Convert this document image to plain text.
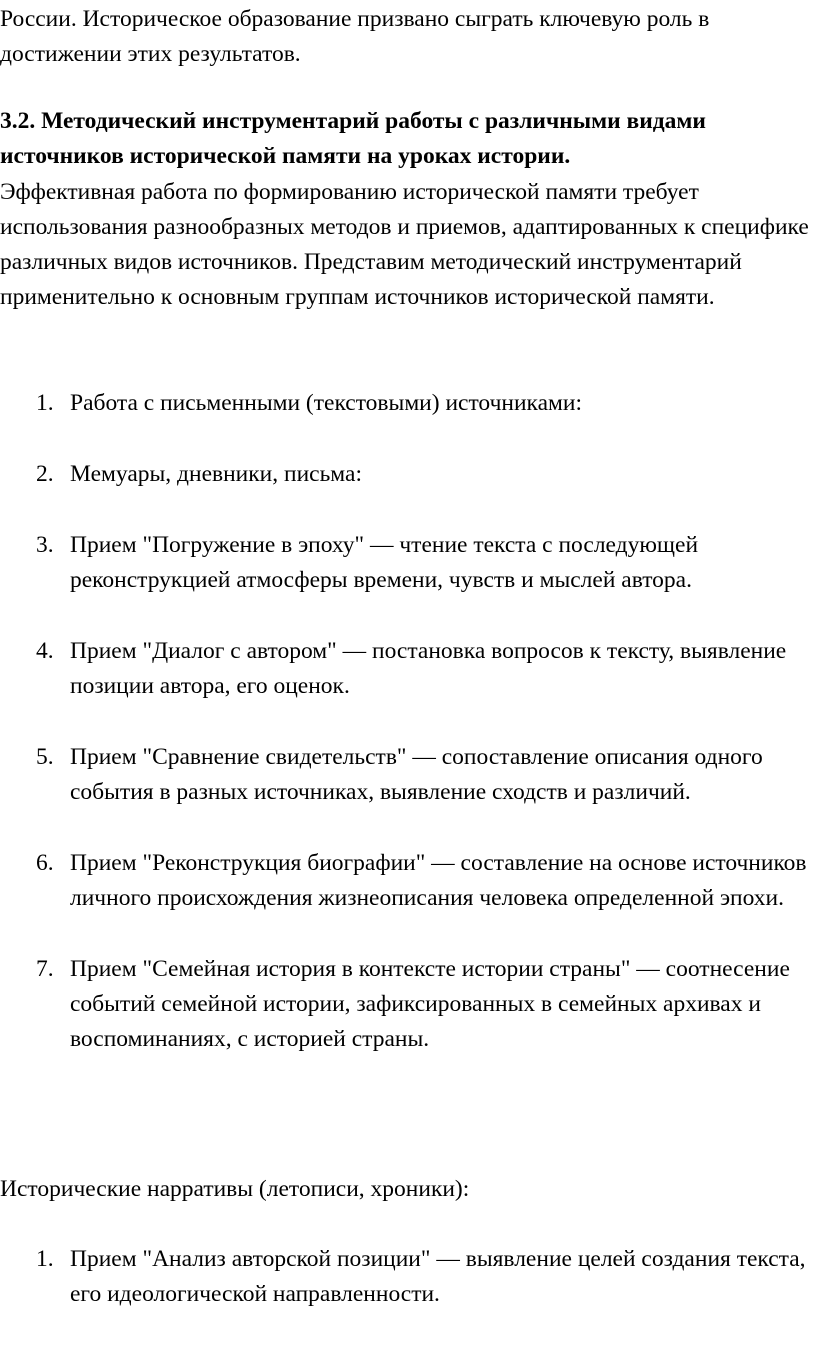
России. Историческое образование призвано сыграть ключевую роль в достижении этих результатов.

3.2. Методический инструментарий работы с различными видами источников исторической памяти на уроках истории.

Эффективная работа по формированию исторической памяти требует использования разнообразных методов и приемов, адаптированных к специфике различных видов источников. Представим методический инструментарий применительно к основным группам источников исторической памяти.

1. Работа с письменными (текстовыми) источниками:
2. Мемуары, дневники, письма:
3. Прием "Погружение в эпоху" — чтение текста с последующей реконструкцией атмосферы времени, чувств и мыслей автора.
4. Прием "Диалог с автором" — постановка вопросов к тексту, выявление позиции автора, его оценок.
5. Прием "Сравнение свидетельств" — сопоставление описания одного события в разных источниках, выявление сходств и различий.
6. Прием "Реконструкция биографии" — составление на основе источников личного происхождения жизнеописания человека определенной эпохи.
7. Прием "Семейная история в контексте истории страны" — соотнесение событий семейной истории, зафиксированных в семейных архивах и воспоминаниях, с историей страны.

Исторические нарративы (летописи, хроники):

1. Прием "Анализ авторской позиции" — выявление целей создания текста, его идеологической направленности.
